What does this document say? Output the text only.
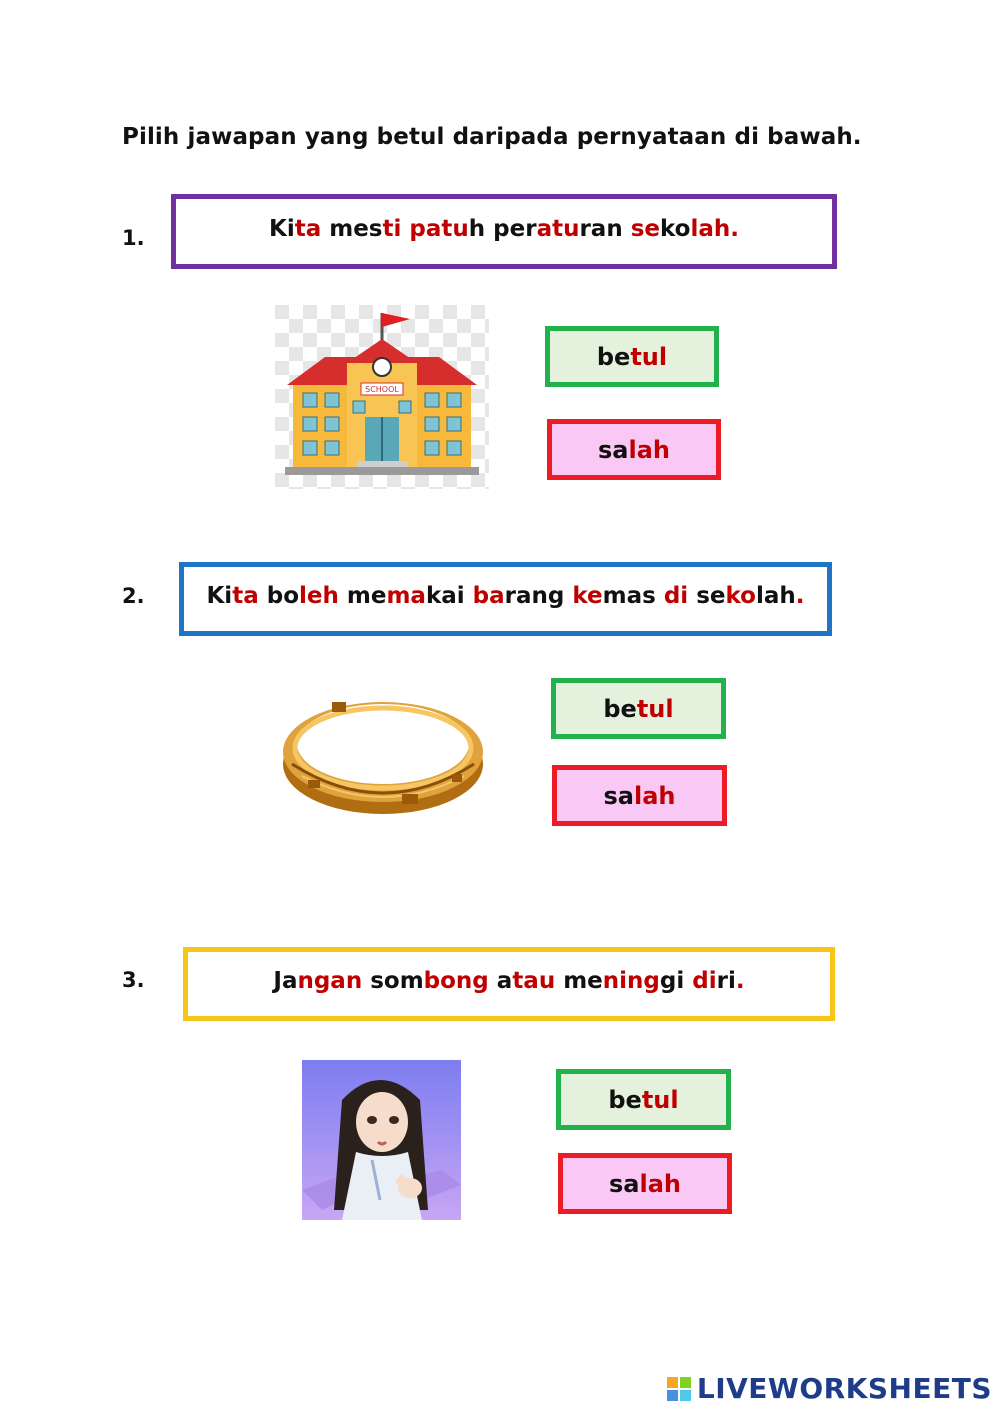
Pilih jawapan yang betul daripada pernyataan di bawah.
1.	Kita mesti patuh peraturan sekolah.
SCHOOL
be tul
sa lah
2.	Kita boleh memakai barang kemas di sekolah.
be tul
sa lah
3.	Jangan sombong atau meninggi diri.
be tul
sa lah
LIVEWORKSHEETS
